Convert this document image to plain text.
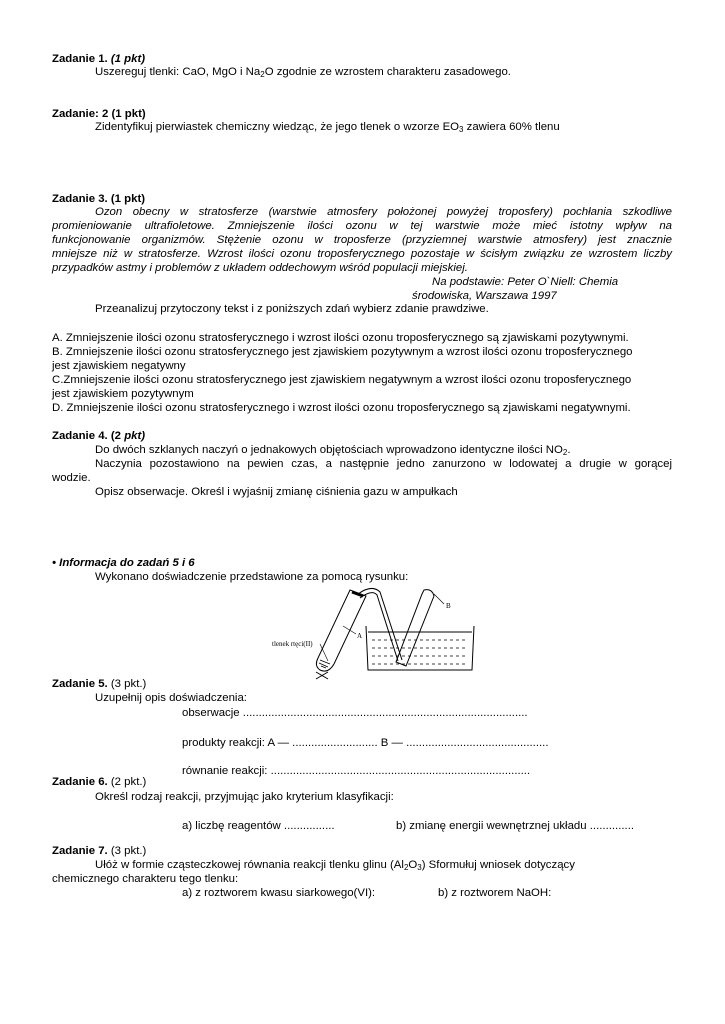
Zadanie 1. (1 pkt)
Uszereguj tlenki: CaO, MgO i $Na_2O$ zgodnie ze wzrostem charakteru zasadowego.
Zadanie: 2 (1 pkt)
Zidentyfikuj pierwiastek chemiczny wiedząc, że jego tlenek o wzorze $EO_3$ zawiera 60% tlenu
Zadanie 3. (1 pkt)
Ozon obecny w stratosferze (warstwie atmosfery położonej powyżej troposfery) pochłania szkodliwe
promieniowanie ultrafioletowe. Zmniejszenie ilości ozonu w tej warstwie może mieć istotny wpływ na
funkcjonowanie organizmów. Stężenie ozonu w troposferze (przyziemnej warstwie atmosfery) jest znacznie
mniejsze niż w stratosferze. Wzrost ilości ozonu troposferycznego pozostaje w ścisłym związku ze wzrostem liczby
przypadków astmy i problemów z układem oddechowym wśród populacji miejskiej.
Na podstawie: Peter O`Niell: Chemia
środowiska, Warszawa 1997
Przeanalizuj przytoczony tekst i z poniższych zdań wybierz zdanie prawdziwe.
A. Zmniejszenie ilości ozonu stratosferycznego i wzrost ilości ozonu troposferycznego są zjawiskami pozytywnymi.
B. Zmniejszenie ilości ozonu stratosferycznego jest zjawiskiem pozytywnym a wzrost ilości ozonu troposferycznego
jest zjawiskiem negatywny
C.Zmniejszenie ilości ozonu stratosferycznego jest zjawiskiem negatywnym a wzrost ilości ozonu troposferycznego
jest zjawiskiem pozytywnym
D. Zmniejszenie ilości ozonu stratosferycznego i wzrost ilości ozonu troposferycznego są zjawiskami negatywnymi.
Zadanie 4. (2 pkt)
Do dwóch szklanych naczyń o jednakowych objętościach wprowadzono identyczne ilości $NO_2$.
Naczynia pozostawiono na pewien czas, a następnie jedno zanurzono w lodowatej a drugie w gorącej
wodzie.
Opisz obserwacje. Określ i wyjaśnij zmianę ciśnienia gazu w ampułkach
• Informacja do zadań 5 i 6
Wykonano doświadczenie przedstawione za pomocą rysunku:
tlenek rtęci(II)
A
B
Zadanie 5. (3 pkt.)
Uzupełnij opis doświadczenia:
obserwacje ..........................................................................................
produkty reakcji: A — ........................... B — .............................................
równanie reakcji: ..................................................................................
Zadanie 6. (2 pkt.)
Określ rodzaj reakcji, przyjmując jako kryterium klasyfikacji:
a) liczbę reagentów ................	b) zmianę energii wewnętrznej układu ..............
Zadanie 7. (3 pkt.)
Ułóż w formie cząsteczkowej równania reakcji tlenku glinu $(Al_2O_3)$ Sformułuj wniosek dotyczący
chemicznego charakteru tego tlenku:
a) z roztworem kwasu siarkowego(VI):	b) z roztworem NaOH:
